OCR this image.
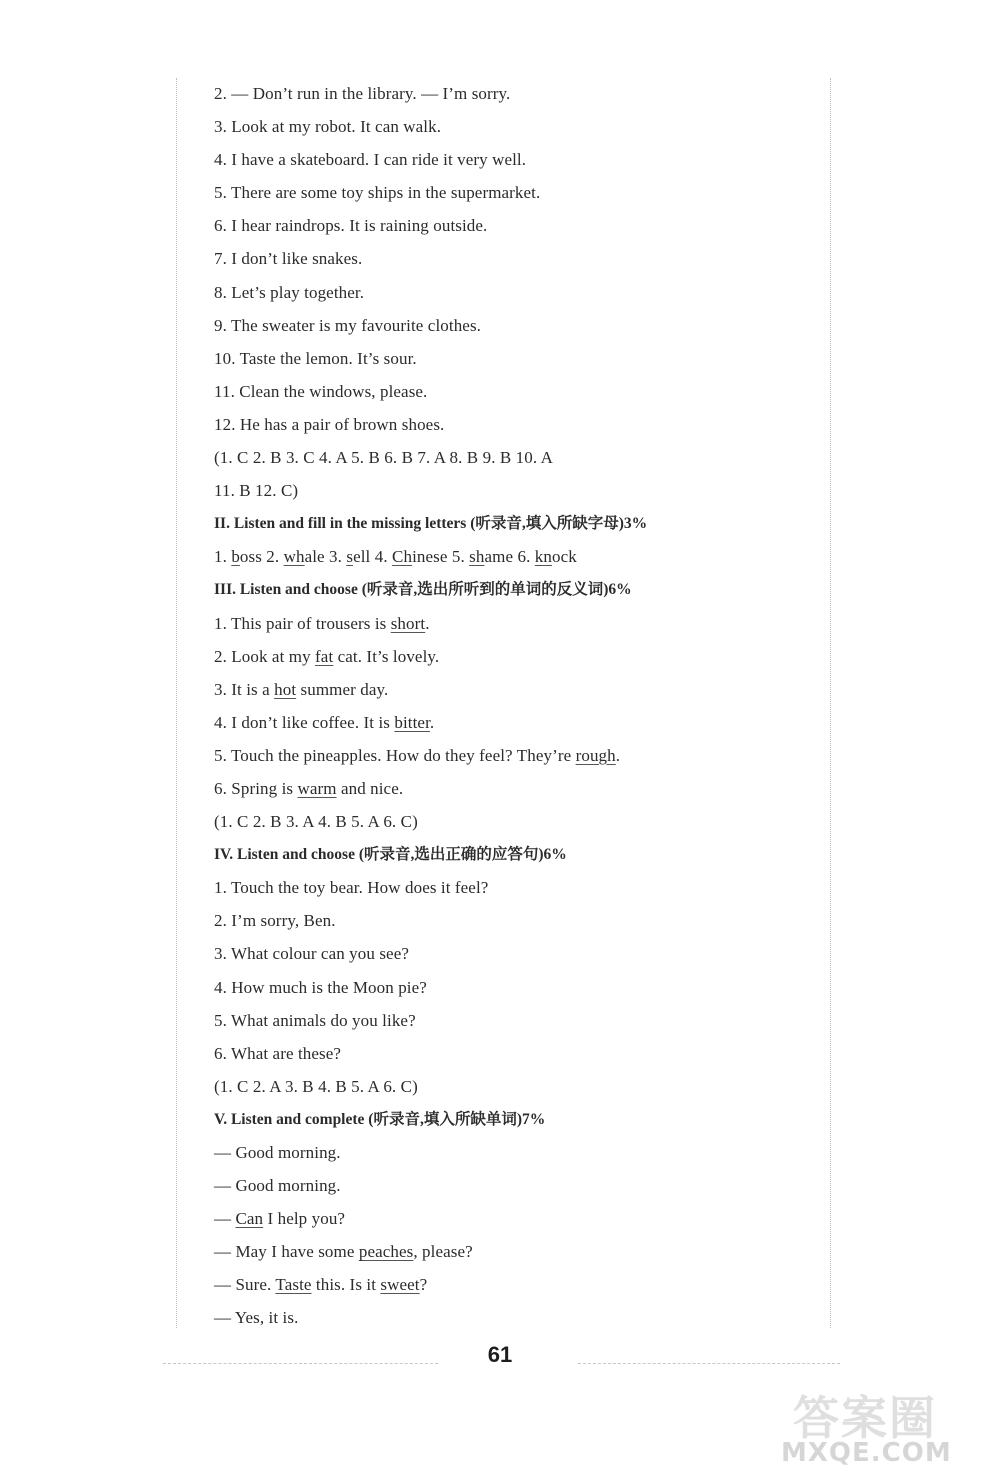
2. — Don’t run in the library. — I’m sorry.
3. Look at my robot. It can walk.
4. I have a skateboard. I can ride it very well.
5. There are some toy ships in the supermarket.
6. I hear raindrops. It is raining outside.
7. I don’t like snakes.
8. Let’s play together.
9. The sweater is my favourite clothes.
10. Taste the lemon. It’s sour.
11. Clean the windows, please.
12. He has a pair of brown shoes.
(1. C 2. B 3. C 4. A 5. B 6. B 7. A 8. B 9. B 10. A
11. B 12. C)
II. Listen and fill in the missing letters (听录音,填入所缺字母)3%
1. boss 2. whale 3. sell 4. Chinese 5. shame 6. knock
III. Listen and choose (听录音,选出所听到的单词的反义词)6%
1. This pair of trousers is short.
2. Look at my fat cat. It’s lovely.
3. It is a hot summer day.
4. I don’t like coffee. It is bitter.
5. Touch the pineapples. How do they feel? They’re rough.
6. Spring is warm and nice.
(1. C 2. B 3. A 4. B 5. A 6. C)
IV. Listen and choose (听录音,选出正确的应答句)6%
1. Touch the toy bear. How does it feel?
2. I’m sorry, Ben.
3. What colour can you see?
4. How much is the Moon pie?
5. What animals do you like?
6. What are these?
(1. C 2. A 3. B 4. B 5. A 6. C)
V. Listen and complete (听录音,填入所缺单词)7%
— Good morning.
— Good morning.
— Can I help you?
— May I have some peaches, please?
— Sure. Taste this. Is it sweet?
— Yes, it is.
61
答案圈
MXQE.COM
